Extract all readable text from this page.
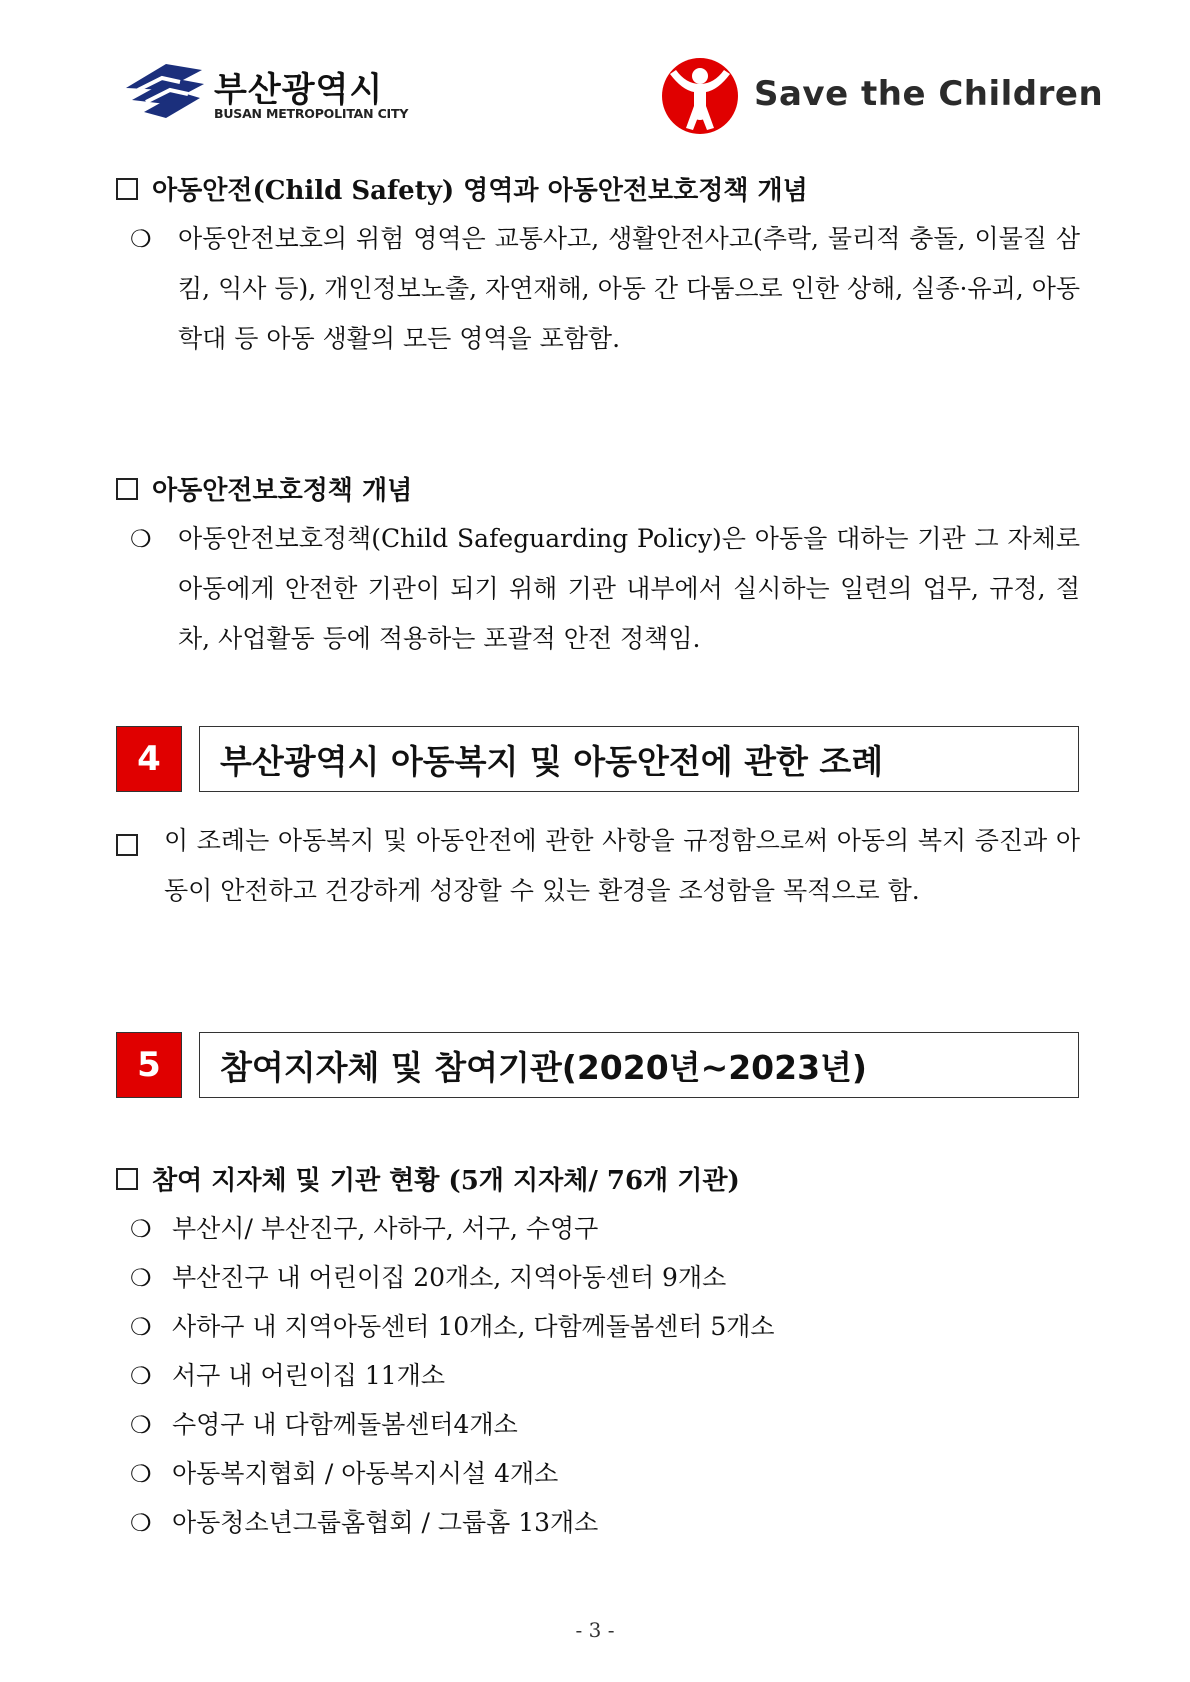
부산광역시
BUSAN METROPOLITAN CITY	Save the Children
아동안전(Child Safety) 영역과 아동안전보호정책 개념
❍ 아동안전보호의 위험 영역은 교통사고, 생활안전사고(추락, 물리적 충돌, 이물질 삼킴, 익사 등), 개인정보노출, 자연재해, 아동 간 다툼으로 인한 상해, 실종·유괴, 아동학대 등 아동 생활의 모든 영역을 포함함.
아동안전보호정책 개념
❍ 아동안전보호정책(Child Safeguarding Policy)은 아동을 대하는 기관 그 자체로 아동에게 안전한 기관이 되기 위해 기관 내부에서 실시하는 일련의 업무, 규정, 절차, 사업활동 등에 적용하는 포괄적 안전 정책임.
4	부산광역시 아동복지 및 아동안전에 관한 조례
이 조례는 아동복지 및 아동안전에 관한 사항을 규정함으로써 아동의 복지 증진과 아동이 안전하고 건강하게 성장할 수 있는 환경을 조성함을 목적으로 함.
5	참여지자체 및 참여기관(2020년~2023년)
참여 지자체 및 기관 현황 (5개 지자체/ 76개 기관)
❍ 부산시/ 부산진구, 사하구, 서구, 수영구
❍ 부산진구 내 어린이집 20개소, 지역아동센터 9개소
❍ 사하구 내 지역아동센터 10개소, 다함께돌봄센터 5개소
❍ 서구 내 어린이집 11개소
❍ 수영구 내 다함께돌봄센터4개소
❍ 아동복지협회 / 아동복지시설 4개소
❍ 아동청소년그룹홈협회 / 그룹홈 13개소
- 3 -
